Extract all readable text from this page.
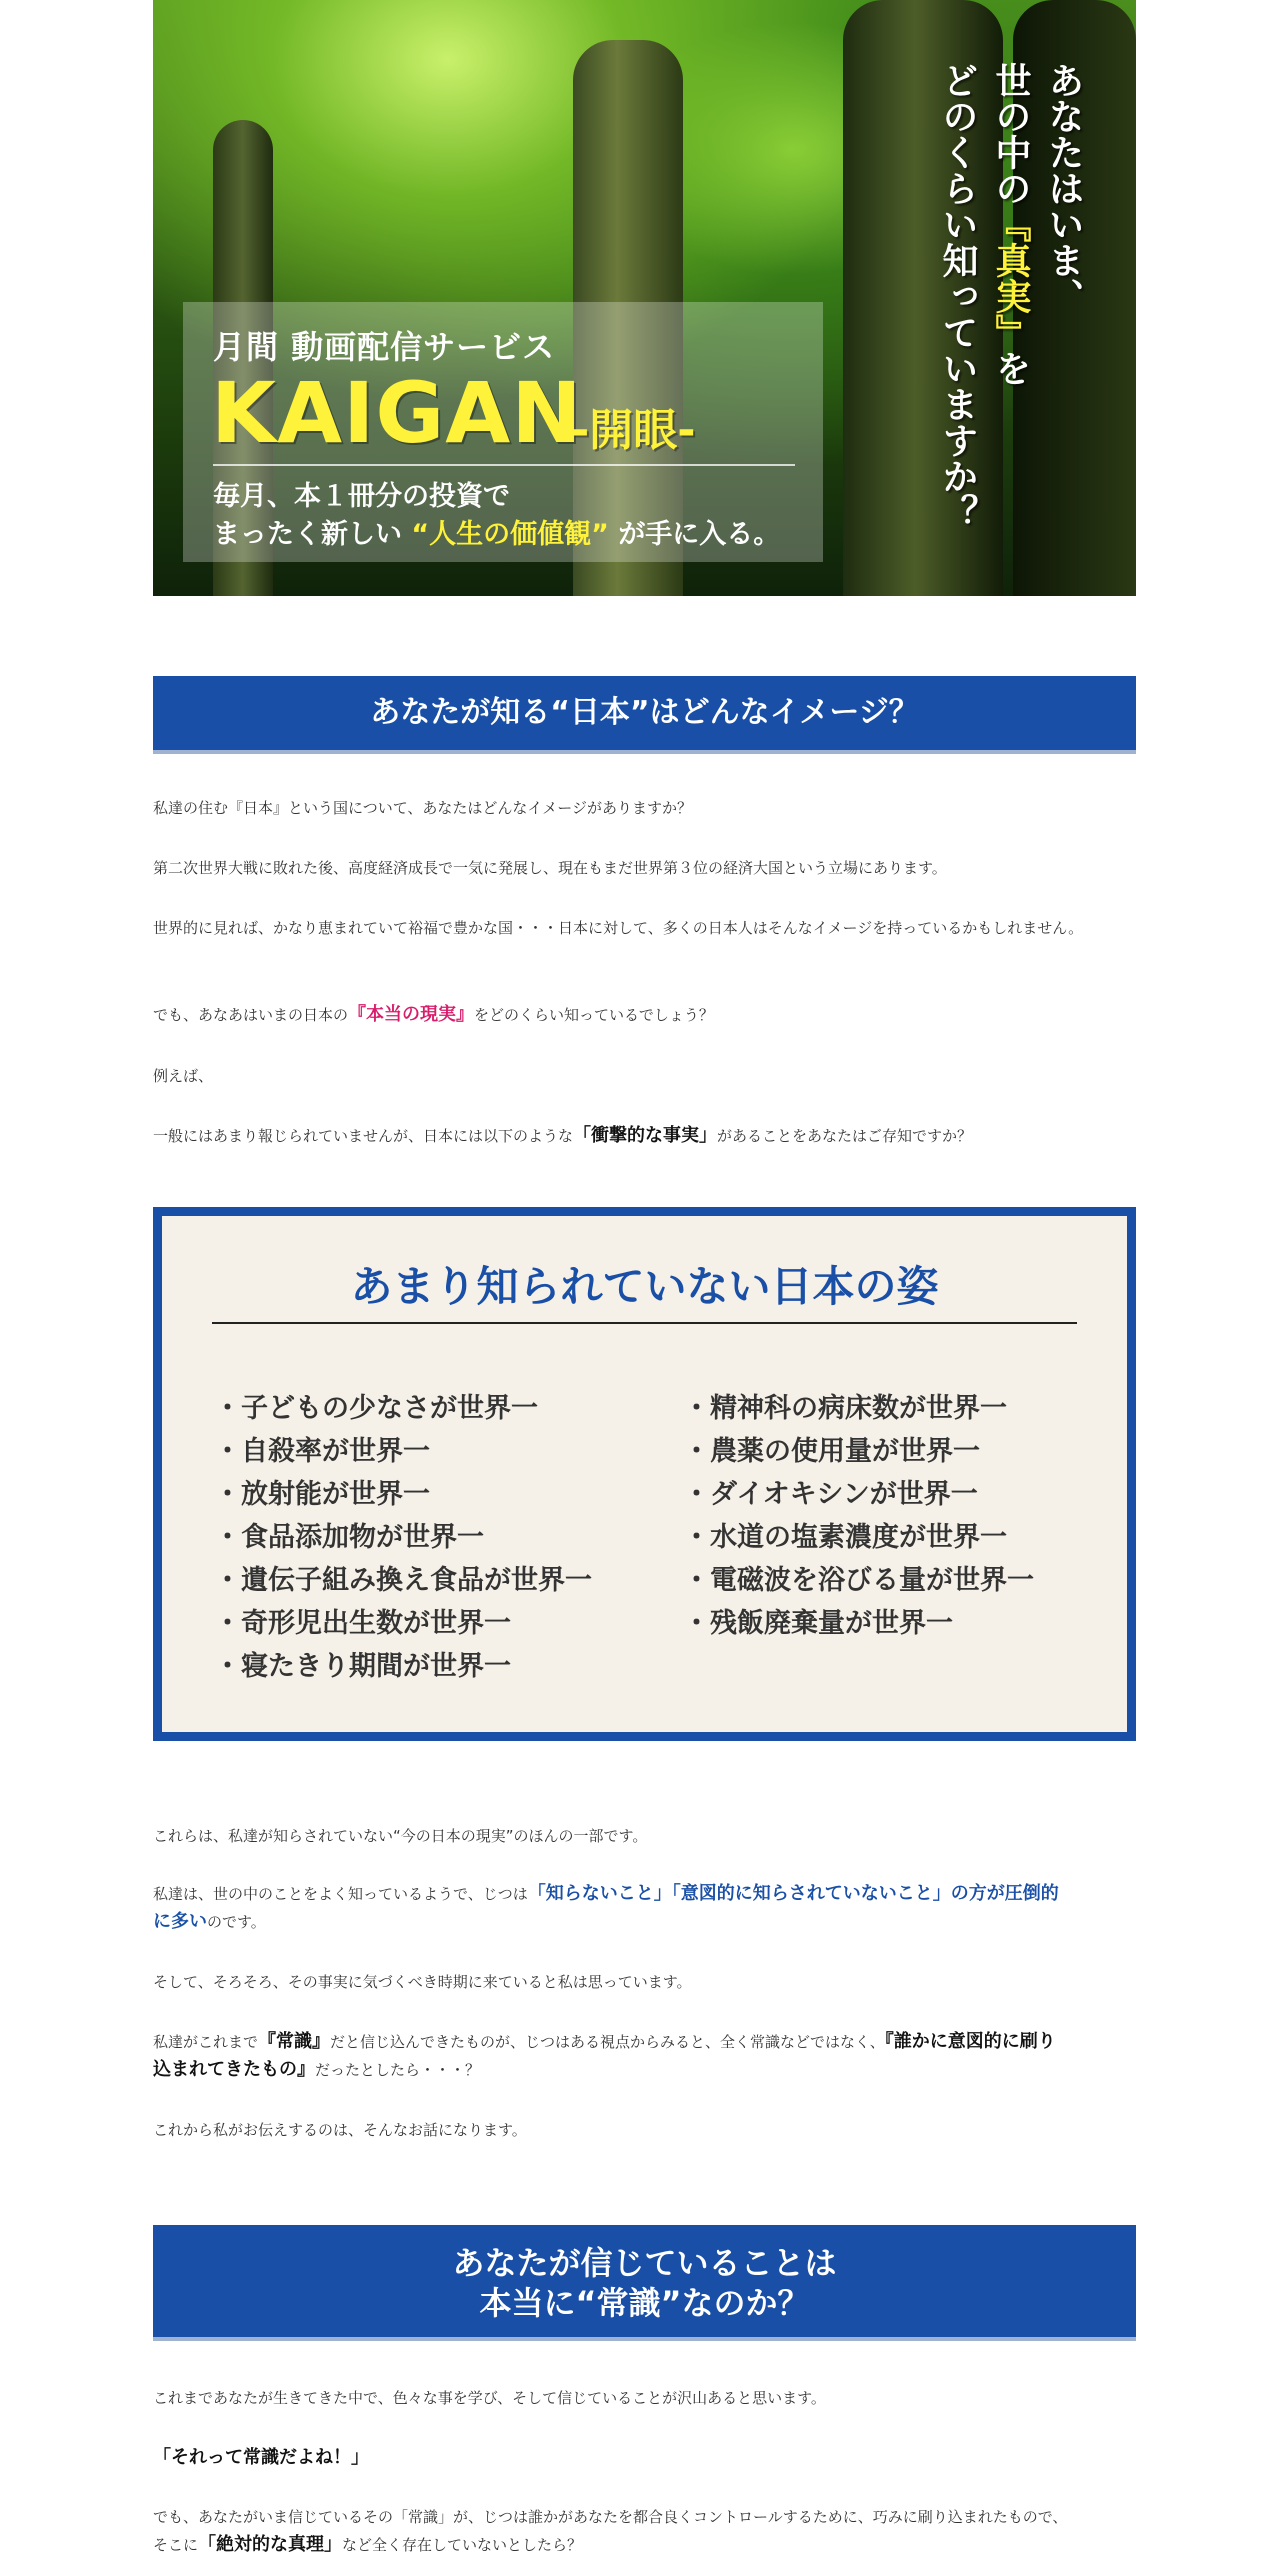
月間 動画配信サービス
KAIGAN
-開眼-
毎月、本１冊分の投資で
まったく新しい “人生の価値観” が手に入る。
あなたはいま、
世の中の『真実』を
どのくらい知っていますか？
あなたが知る“日本”はどんなイメージ？
私達の住む『日本』という国について、あなたはどんなイメージがありますか？
第二次世界大戦に敗れた後、高度経済成長で一気に発展し、現在もまだ世界第３位の経済大国という立場にあります。
世界的に見れば、かなり恵まれていて裕福で豊かな国・・・日本に対して、多くの日本人はそんなイメージを持っているかもしれません。
でも、あなあはいまの日本の『本当の現実』をどのくらい知っているでしょう？
例えば、
一般にはあまり報じられていませんが、日本には以下のような「衝撃的な事実」があることをあなたはご存知ですか？
あまり知られていない日本の姿
・ 子どもの少なさが世界一
・ 自殺率が世界一
・ 放射能が世界一
・ 食品添加物が世界一
・ 遺伝子組み換え食品が世界一
・ 奇形児出生数が世界一
・ 寝たきり期間が世界一
・ 精神科の病床数が世界一
・ 農薬の使用量が世界一
・ ダイオキシンが世界一
・ 水道の塩素濃度が世界一
・ 電磁波を浴びる量が世界一
・ 残飯廃棄量が世界一
これらは、私達が知らされていない“今の日本の現実”のほんの一部です。
私達は、世の中のことをよく知っているようで、じつは「知らないこと」「意図的に知らされていないこと」の方が圧倒的
に多いのです。
そして、そろそろ、その事実に気づくべき時期に来ていると私は思っています。
私達がこれまで『常識』だと信じ込んできたものが、じつはある視点からみると、全く常識などではなく、『誰かに意図的に刷り
込まれてきたもの』だったとしたら・・・？
これから私がお伝えするのは、そんなお話になります。
あなたが信じていることは
本当に“常識”なのか？
これまであなたが生きてきた中で、色々な事を学び、そして信じていることが沢山あると思います。
「それって常識だよね！」
でも、あなたがいま信じているその「常識」が、じつは誰かがあなたを都合良くコントロールするために、巧みに刷り込まれたもので、
そこに「絶対的な真理」など全く存在していないとしたら？
